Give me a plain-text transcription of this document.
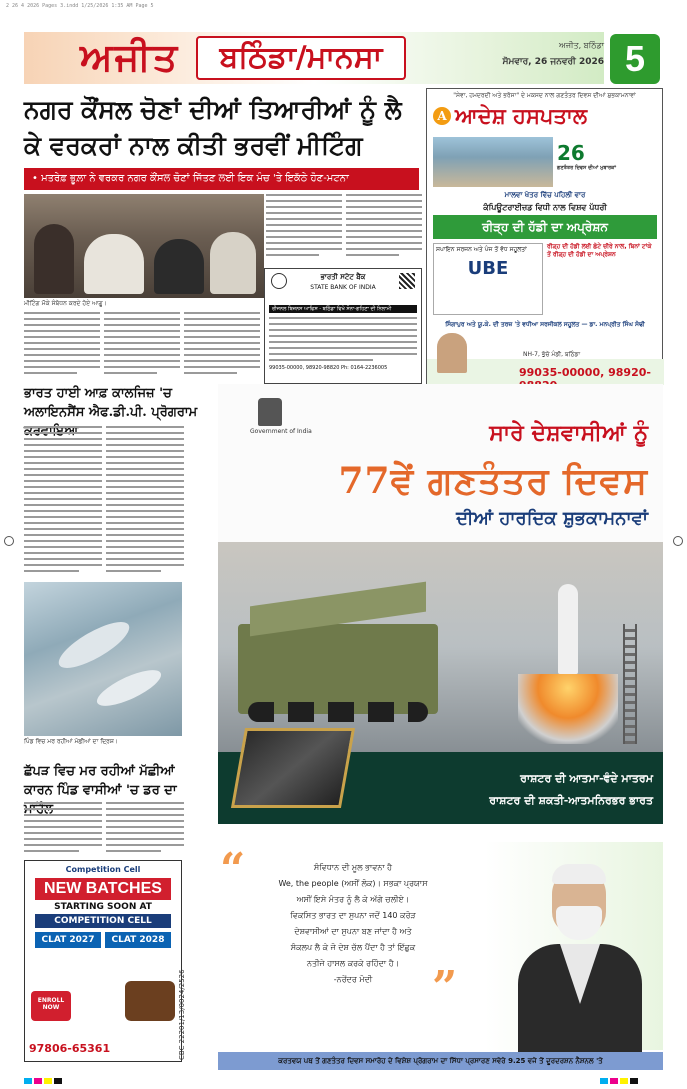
2 26 4 2026 Pages 3.indd 1/25/2026 1:35 AM Page 5
ਅਜੀਤ	ਬਠਿੰਡਾ/ਮਾਨਸਾ	ਅਜੀਤ, ਬਠਿੰਡਾ
ਸੋਮਵਾਰ, 26 ਜਨਵਰੀ 2026 5
ਨਗਰ ਕੌਂਸਲ ਚੋਣਾਂ ਦੀਆਂ ਤਿਆਰੀਆਂ ਨੂੰ ਲੈ ਕੇ ਵਰਕਰਾਂ ਨਾਲ ਕੀਤੀ ਭਰਵੀਂ ਮੀਟਿੰਗ
• ਮਤਰੇਫ਼ ਭੂਲ਼ਾ ਨੇ ਵਰਕਰ ਨਗਰ ਕੌਂਸਲ ਚੋਣਾਂ ਜਿੱਤਣ ਲਈ ਇਕ ਮੰਚ 'ਤੇ ਇਕੱਠੇ ਹੋਣ-ਮਟਨਾ
ਮੀਟਿੰਗ ਮੌਕੇ ਸੰਬੋਧਨ ਕਰਦੇ ਹੋਏ ਆਗੂ।
ਭਾਰਤੀ ਸਟੇਟ ਬੈਂਕ
STATE BANK OF INDIA
ਰੀਜਨਲ ਬਿਜ਼ਨਸ ਆਫਿਸ - ਬਠਿੰਡਾ ਵਿਖੇ ਸੋਨਾ-ਗਹਿਣਾ ਦੀ ਨਿਲਾਮੀ
99035-00000, 98920-98820 Ph: 0164-2236005
"ਸੇਵਾ, ਹਮਦਰਦੀ ਅਤੇ ਭਰੋਸਾ" ਦੇ ਮਕਸਦ ਨਾਲ ਗਣਤੰਤਰ ਦਿਵਸ ਦੀਆਂ ਸ਼ੁਭਕਾਮਨਾਵਾਂ
A ਆਦੇਸ਼ ਹਸਪਤਾਲ
26
ਗਣਤੰਤਰ ਦਿਵਸ ਦੀਆਂ ਮੁਬਾਰਕਾਂ
ਮਾਲਵਾ ਖੇਤਰ ਵਿੱਚ ਪਹਿਲੀ ਵਾਰ
ਕੰਪਿਊਟਰਾਈਜ਼ਡ ਵਿਧੀ ਨਾਲ ਵਿਸ਼ਵ ਪੱਧਰੀ
ਰੀੜ੍ਹ ਦੀ ਹੱਡੀ ਦਾ ਅਪ੍ਰੇਸ਼ਨ
ਸਪਾਇਨ ਸਰਜਨ ਅਤੇ ਪੰਜ ਤੋਂ ਵੱਧ ਸਹੂਲਤਾਂ
UBE
ਰੀੜ੍ਹ ਦੀ ਹੱਡੀ ਲਈ ਛੋਟੇ ਚੀਰੇ ਨਾਲ, ਬਿਨਾਂ ਟਾਂਕੇ ਤੋਂ ਰੀੜ੍ਹ ਦੀ ਹੱਡੀ ਦਾ ਅਪ੍ਰੇਸ਼ਨ
ਸਿੰਗਾਪੁਰ ਅਤੇ ਯੂ.ਕੇ. ਦੀ ਤਰਜ਼ 'ਤੇ ਵਧੀਆ ਸਰਜੀਕਲ ਸਹੂਲਤ — ਡਾ. ਮਨਪ੍ਰੀਤ ਸਿੰਘ ਸੋਢੀ
NH-7, ਭੁੱਚੋ ਮੰਡੀ, ਬਠਿੰਡਾ
99035-00000, 98920-
ਭਾਰਤ ਹਾਈ ਆਫ਼ ਕਾਲਜਿਜ਼ 'ਚ ਅਲਾਇਨਸੈਂਸ ਐਫ.ਡੀ.ਪੀ. ਪ੍ਰੋਗਰਾਮ
ਪਿੰਡ ਵਿਚ ਮਰ ਰਹੀਆਂ ਮੱਛੀਆਂ ਦਾ ਦ੍ਰਿਸ਼।
ਛੱਪੜ ਵਿਚ ਮਰ ਰਹੀਆਂ ਮੱਛੀਆਂ ਕਾਰਨ ਪਿੰਡ ਵਾਸੀਆਂ 'ਚ ਡਰ ਦਾ
Competition Cell
NEW BATCHES
STARTING SOON AT
COMPETITION CELL
CLAT 2027	CLAT 2028
ENROLL NOW
97806-65361
Government of India	ਸਾਰੇ ਦੇਸ਼ਵਾਸੀਆਂ ਨੂੰ
77ਵੇਂ ਗਣਤੰਤਰ ਦਿਵਸ
ਦੀਆਂ ਹਾਰਦਿਕ ਸ਼ੁਭਕਾਮਨਾਵਾਂ
ਰਾਸ਼ਟਰ ਦੀ ਆਤਮਾ-ਵੰਦੇ ਮਾਤਰਮ
ਰਾਸ਼ਟਰ ਦੀ ਸ਼ਕਤੀ-ਆਤਮਨਿਰਭਰ ਭਾਰਤ
“	ਸੰਵਿਧਾਨ ਦੀ ਮੂਲ ਭਾਵਨਾ ਹੈ
We, the people (ਅਸੀਂ ਲੋਕ)। ਸਭਕਾ ਪ੍ਰਯਾਸ
ਅਸੀਂ ਇਸੇ ਮੰਤਰ ਨੂੰ ਲੈ ਕੇ ਅੱਗੇ ਚਲੀਏ।
ਵਿਕਸਿਤ ਭਾਰਤ ਦਾ ਸੁਪਨਾ ਜਦੋਂ 140 ਕਰੋੜ
ਦੇਸ਼ਵਾਸੀਆਂ ਦਾ ਸੁਪਨਾ ਬਣ ਜਾਂਦਾ ਹੈ ਅਤੇ
ਸੰਕਲਪ ਲੈ ਕੇ ਜੋ ਦੇਸ਼ ਚੱਲ ਪੈਂਦਾ ਹੈ ਤਾਂ ਇੱਛੁਕ
ਨਤੀਜੇ ਹਾਸਲ ਕਰਕੇ ਰਹਿੰਦਾ ਹੈ।
-ਨਰੇਂਦਰ ਮੋਦੀ	”
CBC 22201/13/0024/2526
ਕਰਤਵਯ ਪਥ ਤੋਂ ਗਣਤੰਤਰ ਦਿਵਸ ਸਮਾਰੋਹ ਦੇ ਵਿਸ਼ੇਸ਼ ਪ੍ਰੋਗਰਾਮ ਦਾ ਸਿੱਧਾ ਪ੍ਰਸਾਰਣ ਸਵੇਰੇ 9.25 ਵਜੇ ਤੋਂ ਦੂਰਦਰਸ਼ਨ ਨੈਸ਼ਨਲ 'ਤੇ
